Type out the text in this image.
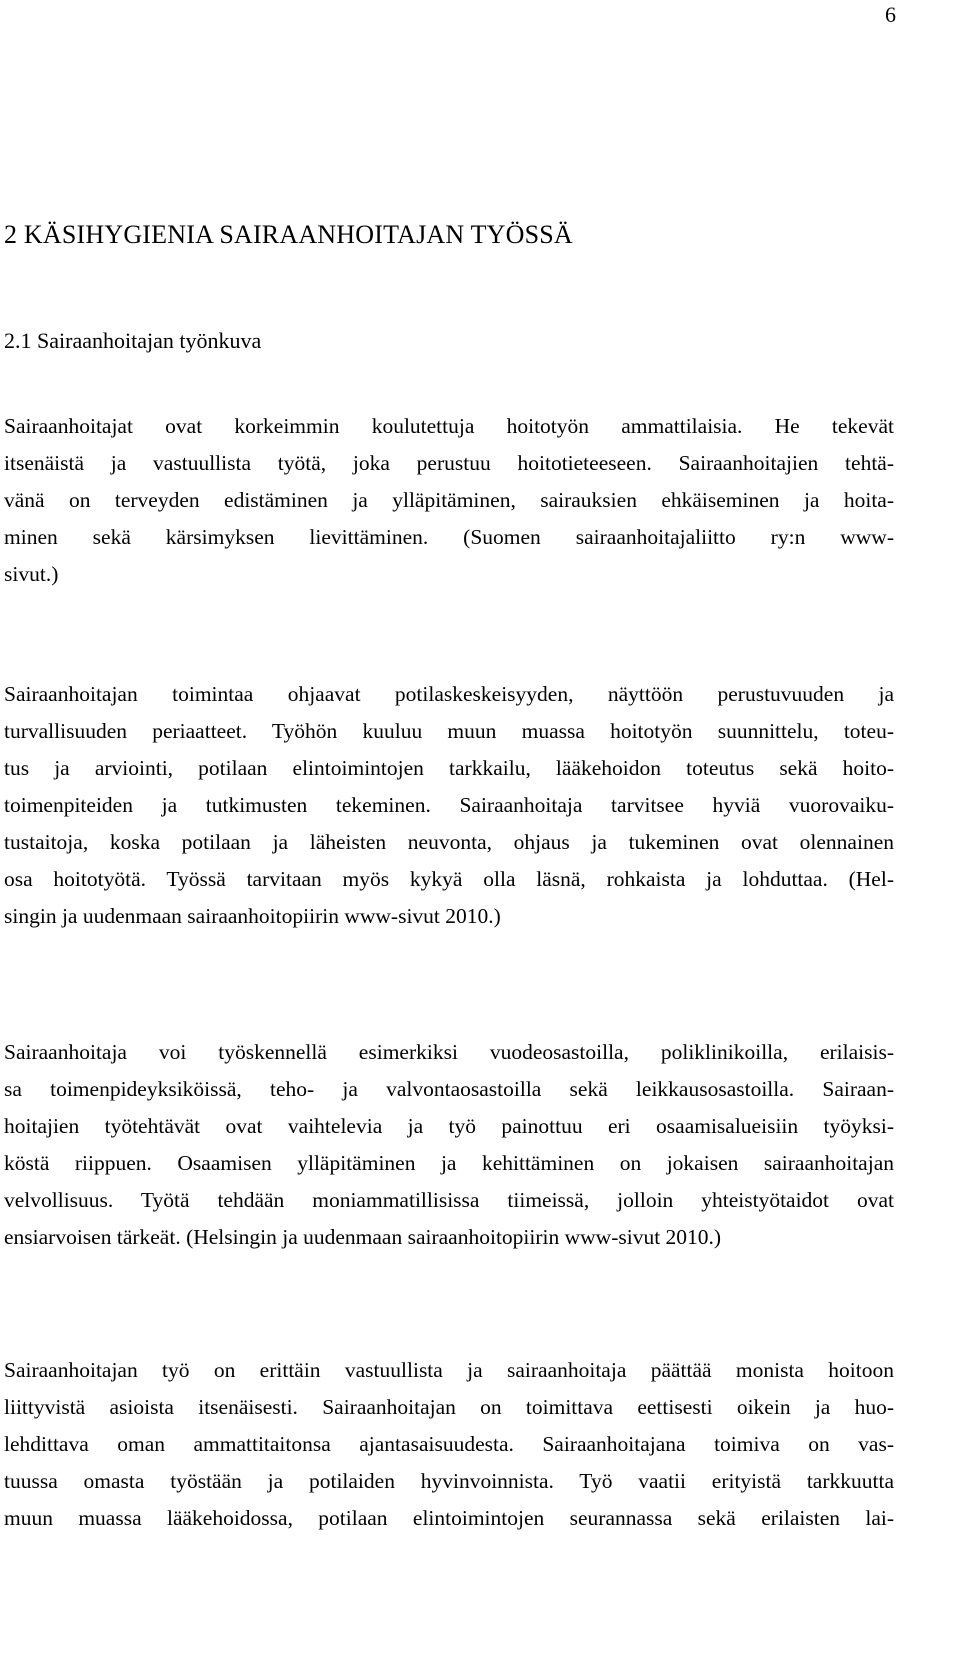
6
2 KÄSIHYGIENIA SAIRAANHOITAJAN TYÖSSÄ
2.1 Sairaanhoitajan työnkuva
Sairaanhoitajat ovat korkeimmin koulutettuja hoitotyön ammattilaisia. He tekevät
itsenäistä ja vastuullista työtä, joka perustuu hoitotieteeseen. Sairaanhoitajien tehtä-
vänä on terveyden edistäminen ja ylläpitäminen, sairauksien ehkäiseminen ja hoita-
minen sekä kärsimyksen lievittäminen. (Suomen sairaanhoitajaliitto ry:n www-
sivut.)
Sairaanhoitajan toimintaa ohjaavat potilaskeskeisyyden, näyttöön perustuvuuden ja
turvallisuuden periaatteet. Työhön kuuluu muun muassa hoitotyön suunnittelu, toteu-
tus ja arviointi, potilaan elintoimintojen tarkkailu, lääkehoidon toteutus sekä hoito-
toimenpiteiden ja tutkimusten tekeminen. Sairaanhoitaja tarvitsee hyviä vuorovaiku-
tustaitoja, koska potilaan ja läheisten neuvonta, ohjaus ja tukeminen ovat olennainen
osa hoitotyötä. Työssä tarvitaan myös kykyä olla läsnä, rohkaista ja lohduttaa. (Hel-
singin ja uudenmaan sairaanhoitopiirin www-sivut 2010.)
Sairaanhoitaja voi työskennellä esimerkiksi vuodeosastoilla, poliklinikoilla, erilaisis-
sa toimenpideyksiköissä, teho- ja valvontaosastoilla sekä leikkausosastoilla. Sairaan-
hoitajien työtehtävät ovat vaihtelevia ja työ painottuu eri osaamisalueisiin työyksi-
köstä riippuen. Osaamisen ylläpitäminen ja kehittäminen on jokaisen sairaanhoitajan
velvollisuus. Työtä tehdään moniammatillisissa tiimeissä, jolloin yhteistyötaidot ovat
ensiarvoisen tärkeät. (Helsingin ja uudenmaan sairaanhoitopiirin www-sivut 2010.)
Sairaanhoitajan työ on erittäin vastuullista ja sairaanhoitaja päättää monista hoitoon
liittyvistä asioista itsenäisesti. Sairaanhoitajan on toimittava eettisesti oikein ja huo-
lehdittava oman ammattitaitonsa ajantasaisuudesta. Sairaanhoitajana toimiva on vas-
tuussa omasta työstään ja potilaiden hyvinvoinnista. Työ vaatii erityistä tarkkuutta
muun muassa lääkehoidossa, potilaan elintoimintojen seurannassa sekä erilaisten lai-
